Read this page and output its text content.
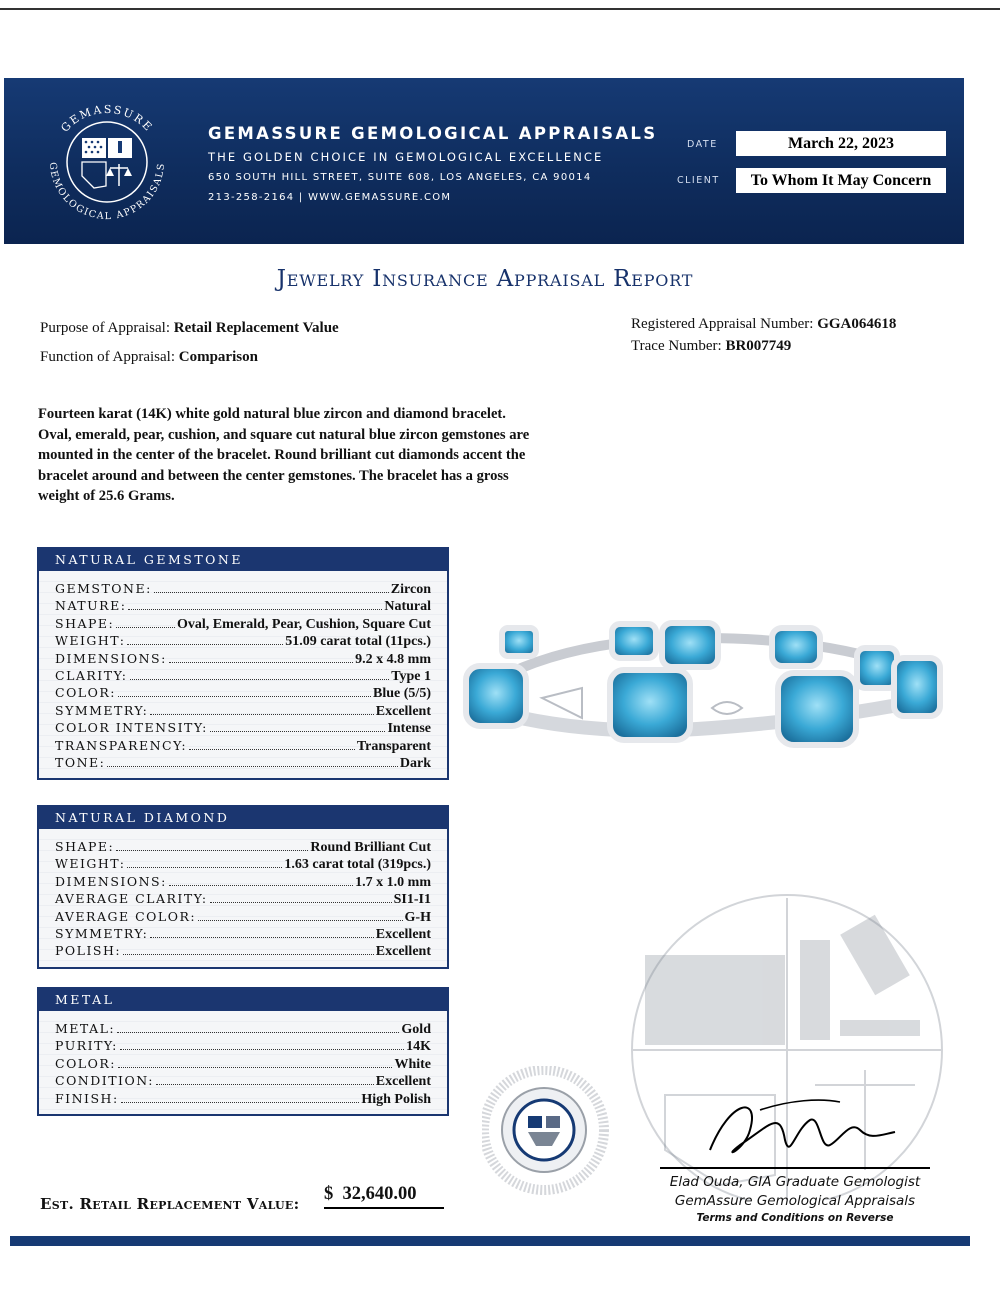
GEMASSURE
GEMOLOGICAL APPRAISALS
GEMASSURE GEMOLOGICAL APPRAISALS
THE GOLDEN CHOICE IN GEMOLOGICAL EXCELLENCE
650 SOUTH HILL STREET, SUITE 608, LOS ANGELES, CA 90014
213-258-2164 | WWW.GEMASSURE.COM
DATE	March 22, 2023
CLIENT	To Whom It May Concern
Jewelry Insurance Appraisal Report
Purpose of Appraisal: Retail Replacement Value
Function of Appraisal: Comparison
Registered Appraisal Number: GGA064618
Trace Number: BR007749
Fourteen karat (14K) white gold natural blue zircon and diamond bracelet. Oval, emerald, pear, cushion, and square cut natural blue zircon gemstones are mounted in the center of the bracelet. Round brilliant cut diamonds accent the bracelet around and between the center gemstones. The bracelet has a gross weight of 25.6 Grams.
NATURAL GEMSTONE
GEMSTONE:	Zircon
NATURE:	Natural
SHAPE:	Oval, Emerald, Pear, Cushion, Square Cut
WEIGHT:	51.09 carat total (11pcs.)
DIMENSIONS:	9.2 x 4.8 mm
CLARITY:	Type 1
COLOR:	Blue (5/5)
SYMMETRY:	Excellent
COLOR INTENSITY:	Intense
TRANSPARENCY:	Transparent
TONE:	Dark
NATURAL DIAMOND
SHAPE:	Round Brilliant Cut
WEIGHT:	1.63 carat total (319pcs.)
DIMENSIONS:	1.7 x 1.0 mm
AVERAGE CLARITY:	SI1-I1
AVERAGE COLOR:	G-H
SYMMETRY:	Excellent
POLISH:	Excellent
METAL
METAL:	Gold
PURITY:	14K
COLOR:	White
CONDITION:	Excellent
FINISH:	High Polish
Est. Retail Replacement Value: $  32,640.00
Elad Ouda, GIA Graduate Gemologist
GemAssure Gemological Appraisals
Terms and Conditions on Reverse
